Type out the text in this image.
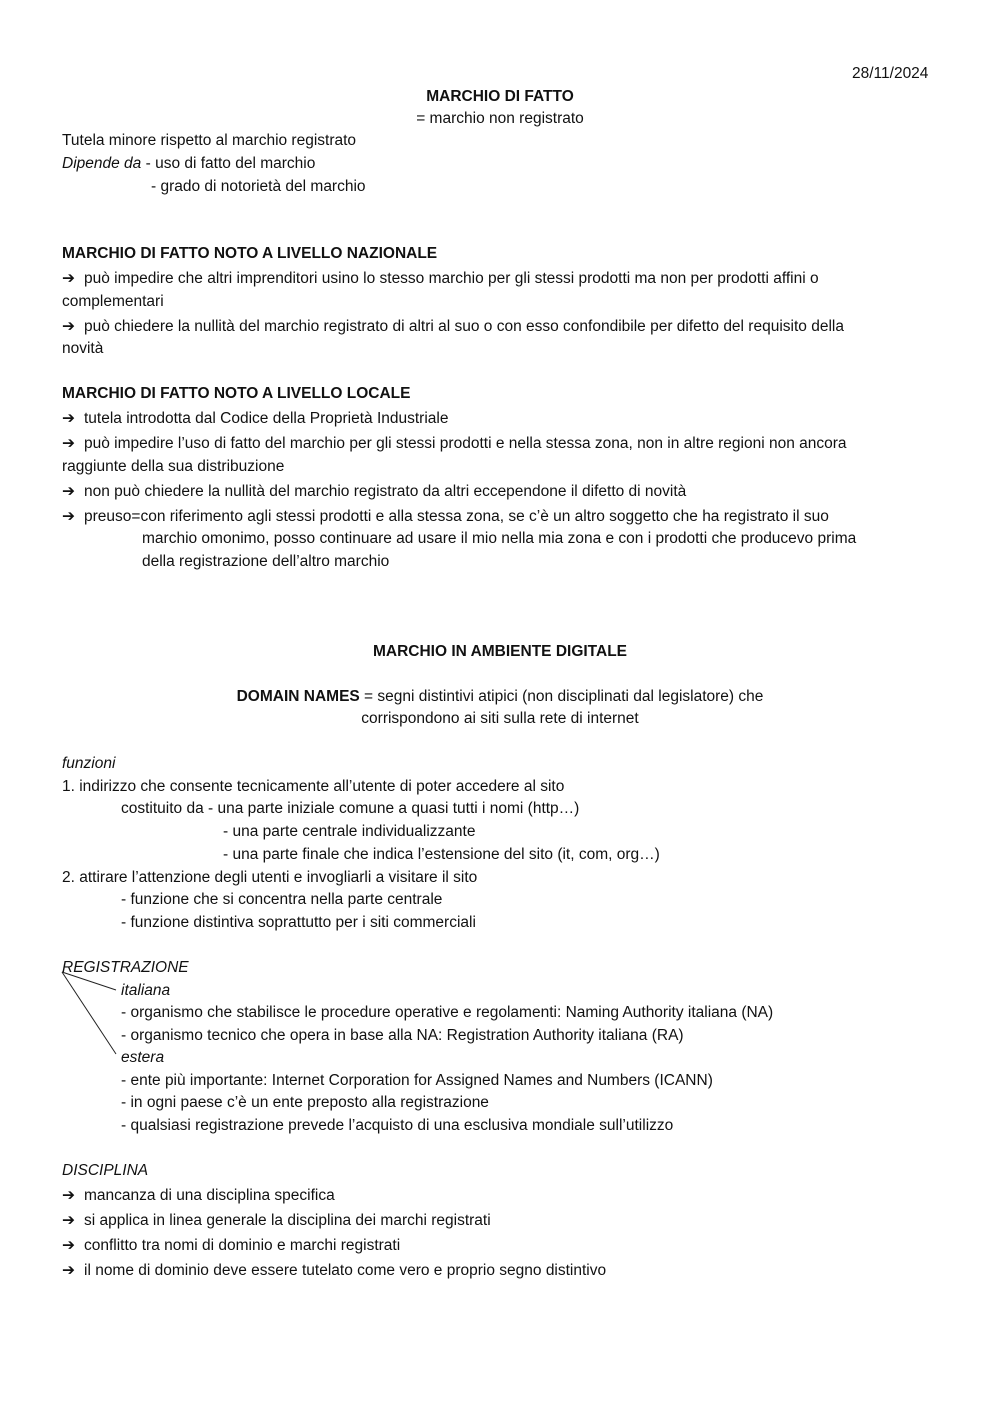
28/11/2024
MARCHIO DI FATTO
= marchio non registrato
Tutela minore rispetto al marchio registrato
Dipende da - uso di fatto del marchio
- grado di notorietà del marchio
MARCHIO DI FATTO NOTO A LIVELLO NAZIONALE
➔ può impedire che altri imprenditori usino lo stesso marchio per gli stessi prodotti ma non per prodotti affini o
complementari
➔ può chiedere la nullità del marchio registrato di altri al suo o con esso confondibile per difetto del requisito della
novità
MARCHIO DI FATTO NOTO A LIVELLO LOCALE
➔ tutela introdotta dal Codice della Proprietà Industriale
➔ può impedire l’uso di fatto del marchio per gli stessi prodotti e nella stessa zona, non in altre regioni non ancora
raggiunte della sua distribuzione
➔ non può chiedere la nullità del marchio registrato da altri eccependone il difetto di novità
➔ preuso=con riferimento agli stessi prodotti e alla stessa zona, se c’è un altro soggetto che ha registrato il suo
marchio omonimo, posso continuare ad usare il mio nella mia zona e con i prodotti che producevo prima
della registrazione dell’altro marchio
MARCHIO IN AMBIENTE DIGITALE
DOMAIN NAMES = segni distintivi atipici (non disciplinati dal legislatore) che
corrispondono ai siti sulla rete di internet
funzioni
1. indirizzo che consente tecnicamente all’utente di poter accedere al sito
costituito da - una parte iniziale comune a quasi tutti i nomi (http…)
- una parte centrale individualizzante
- una parte finale che indica l’estensione del sito (it, com, org…)
2. attirare l’attenzione degli utenti e invogliarli a visitare il sito
- funzione che si concentra nella parte centrale
- funzione distintiva soprattutto per i siti commerciali
REGISTRAZIONE
italiana
- organismo che stabilisce le procedure operative e regolamenti: Naming Authority italiana (NA)
- organismo tecnico che opera in base alla NA: Registration Authority italiana (RA)
estera
- ente più importante: Internet Corporation for Assigned Names and Numbers (ICANN)
- in ogni paese c’è un ente preposto alla registrazione
- qualsiasi registrazione prevede l’acquisto di una esclusiva mondiale sull’utilizzo
DISCIPLINA
➔ mancanza di una disciplina specifica
➔ si applica in linea generale la disciplina dei marchi registrati
➔ conflitto tra nomi di dominio e marchi registrati
➔ il nome di dominio deve essere tutelato come vero e proprio segno distintivo
